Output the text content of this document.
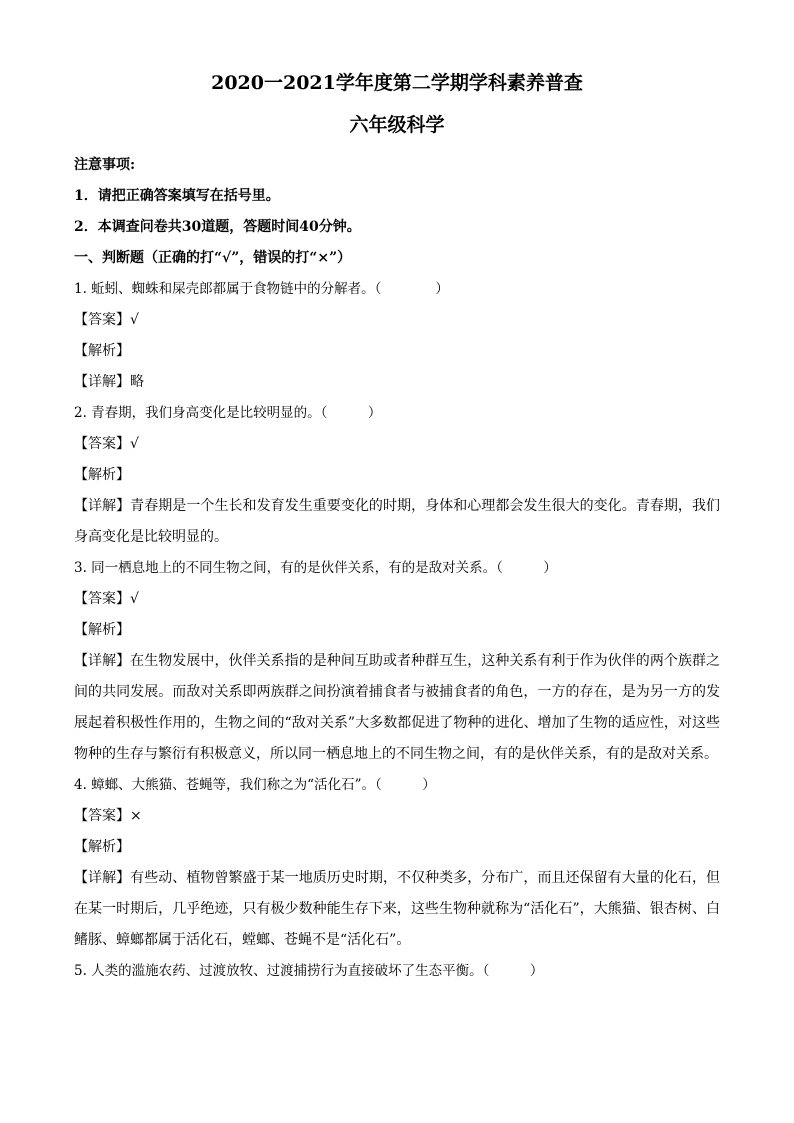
2020一2021学年度第二学期学科素养普查

六年级科学

注意事项:

1．请把正确答案填写在括号里。

2．本调查问卷共30道题，答题时间40分钟。

一、判断题（正确的打“√”，错误的打“×”）

1. 蚯蚓、蜘蛛和屎壳郎都属于食物链中的分解者。（　　　　）

【答案】√

【解析】

【详解】略

2. 青春期，我们身高变化是比较明显的。（　　　）

【答案】√

【解析】

【详解】青春期是一个生长和发育发生重要变化的时期，身体和心理都会发生很大的变化。青春期，我们身高变化是比较明显的。

3. 同一栖息地上的不同生物之间，有的是伙伴关系，有的是敌对关系。（　　　）

【答案】√

【解析】

【详解】在生物发展中，伙伴关系指的是种间互助或者种群互生，这种关系有利于作为伙伴的两个族群之间的共同发展。而敌对关系即两族群之间扮演着捕食者与被捕食者的角色，一方的存在，是为另一方的发展起着积极性作用的，生物之间的“敌对关系”大多数都促进了物种的进化、增加了生物的适应性，对这些物种的生存与繁衍有积极意义，所以同一栖息地上的不同生物之间，有的是伙伴关系，有的是敌对关系。

4. 蟑螂、大熊猫、苍蝇等，我们称之为“活化石”。（　　　）

【答案】×

【解析】

【详解】有些动、植物曾繁盛于某一地质历史时期，不仅种类多，分布广，而且还保留有大量的化石，但在某一时期后，几乎绝迹，只有极少数种能生存下来，这些生物种就称为“活化石”，大熊猫、银杏树、白鳍豚、蟑螂都属于活化石，螳螂、苍蝇不是“活化石”。

5. 人类的滥施农药、过渡放牧、过渡捕捞行为直接破坏了生态平衡。（　　　）
